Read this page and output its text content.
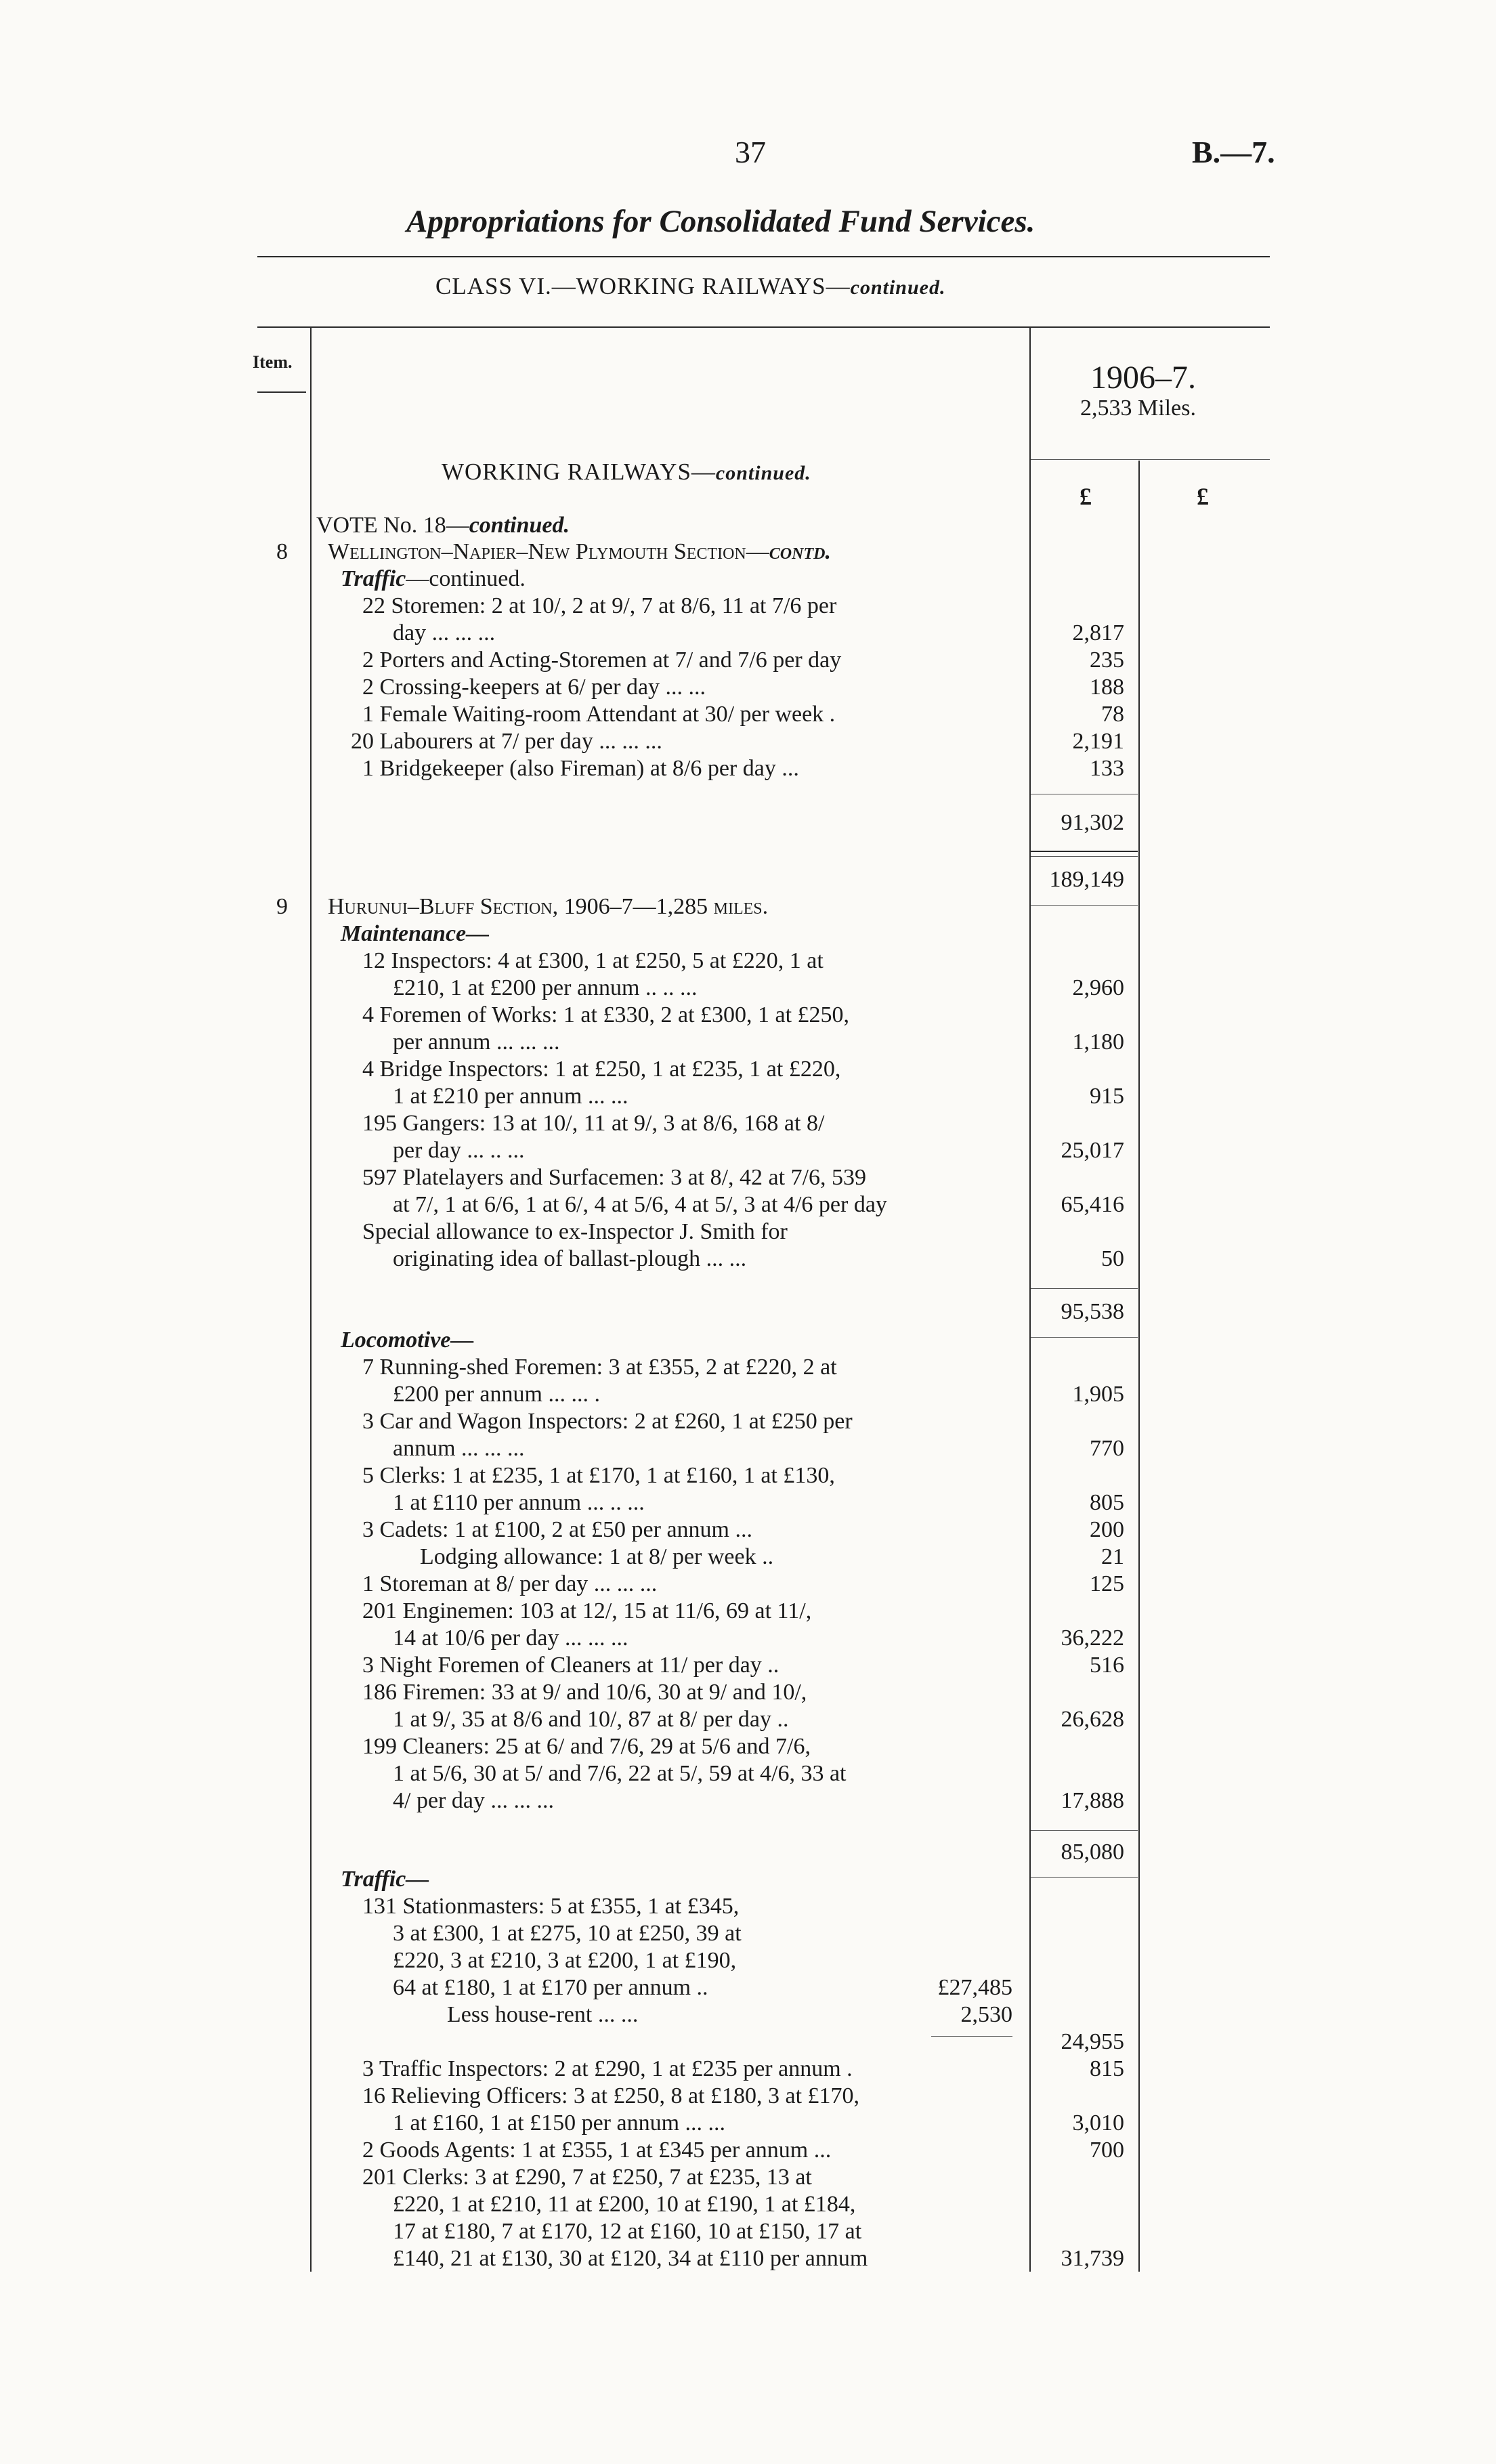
37	B.—7.
Appropriations for Consolidated Fund Services.
CLASS VI.—WORKING RAILWAYS—continued.
Item.	1906–7.
2,533 Miles.
£	£
WORKING RAILWAYS—continued.
VOTE No. 18—continued.
8 Wellington–Napier–New Plymouth Section—contd.
Traffic—continued.
22 Storemen: 2 at 10/, 2 at 9/, 7 at 8/6, 11 at 7/6 per
day ... ... ...	2,817
2 Porters and Acting-Storemen at 7/ and 7/6 per day	235
2 Crossing-keepers at 6/ per day ... ...	188
1 Female Waiting-room Attendant at 30/ per week .	78
20 Labourers at 7/ per day ... ... ...	2,191
1 Bridgekeeper (also Fireman) at 8/6 per day ...	133
91,302
189,149
9 Hurunui–Bluff Section, 1906–7—1,285 miles.
Maintenance—
12 Inspectors: 4 at £300, 1 at £250, 5 at £220, 1 at
£210, 1 at £200 per annum .. .. ...	2,960
4 Foremen of Works: 1 at £330, 2 at £300, 1 at £250,
per annum ... ... ...	1,180
4 Bridge Inspectors: 1 at £250, 1 at £235, 1 at £220,
1 at £210 per annum ... ...	915
195 Gangers: 13 at 10/, 11 at 9/, 3 at 8/6, 168 at 8/
per day ... .. ...	25,017
597 Platelayers and Surfacemen: 3 at 8/, 42 at 7/6, 539
at 7/, 1 at 6/6, 1 at 6/, 4 at 5/6, 4 at 5/, 3 at 4/6 per day	65,416
Special allowance to ex-Inspector J. Smith for
originating idea of ballast-plough ... ...	50
95,538
Locomotive—
7 Running-shed Foremen: 3 at £355, 2 at £220, 2 at
£200 per annum ... ... .	1,905
3 Car and Wagon Inspectors: 2 at £260, 1 at £250 per
annum ... ... ...	770
5 Clerks: 1 at £235, 1 at £170, 1 at £160, 1 at £130,
1 at £110 per annum ... .. ...	805
3 Cadets: 1 at £100, 2 at £50 per annum ...	200
Lodging allowance: 1 at 8/ per week ..	21
1 Storeman at 8/ per day ... ... ...	125
201 Enginemen: 103 at 12/, 15 at 11/6, 69 at 11/,
14 at 10/6 per day ... ... ...	36,222
3 Night Foremen of Cleaners at 11/ per day ..	516
186 Firemen: 33 at 9/ and 10/6, 30 at 9/ and 10/,
1 at 9/, 35 at 8/6 and 10/, 87 at 8/ per day ..	26,628
199 Cleaners: 25 at 6/ and 7/6, 29 at 5/6 and 7/6,
1 at 5/6, 30 at 5/ and 7/6, 22 at 5/, 59 at 4/6, 33 at
4/ per day ... ... ...	17,888
85,080
Traffic—
131 Stationmasters: 5 at £355, 1 at £345,
3 at £300, 1 at £275, 10 at £250, 39 at
£220, 3 at £210, 3 at £200, 1 at £190,
64 at £180, 1 at £170 per annum ..	£27,485
Less house-rent ... ...	2,530
24,955
3 Traffic Inspectors: 2 at £290, 1 at £235 per annum .	815
16 Relieving Officers: 3 at £250, 8 at £180, 3 at £170,
1 at £160, 1 at £150 per annum ... ...	3,010
2 Goods Agents: 1 at £355, 1 at £345 per annum ...	700
201 Clerks: 3 at £290, 7 at £250, 7 at £235, 13 at
£220, 1 at £210, 11 at £200, 10 at £190, 1 at £184,
17 at £180, 7 at £170, 12 at £160, 10 at £150, 17 at
£140, 21 at £130, 30 at £120, 34 at £110 per annum	31,739
